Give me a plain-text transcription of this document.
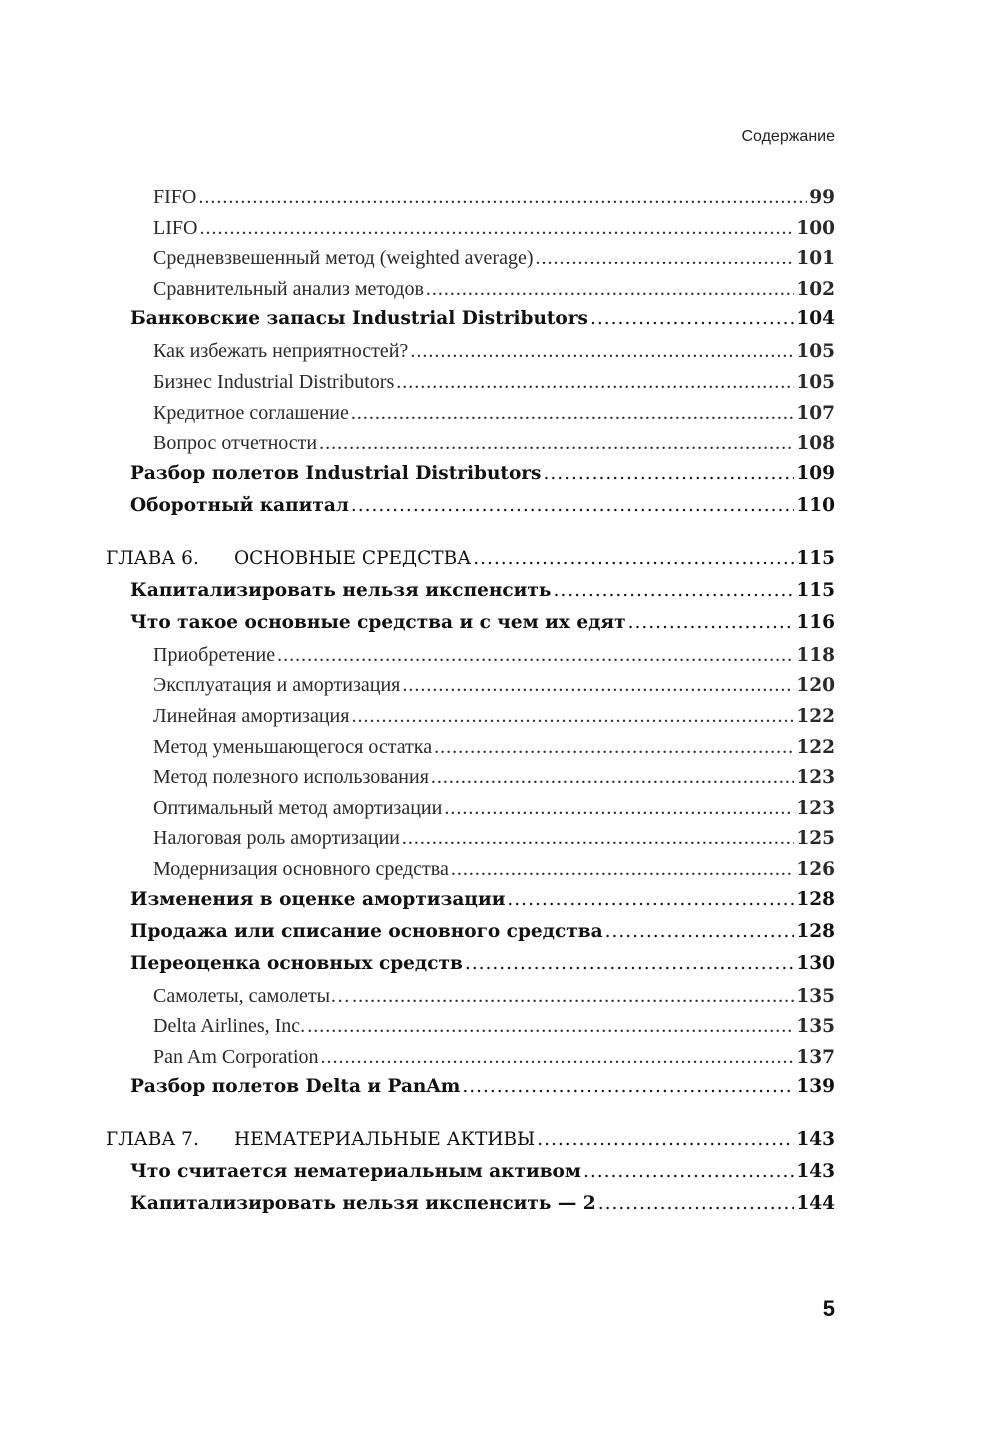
Содержание
FIFO .....	99
LIFO .....	100
Средневзвешенный метод (weighted average) .....	101
Сравнительный анализ методов .....	102
Банковские запасы Industrial Distributors .....	104
Как избежать неприятностей? .....	105
Бизнес Industrial Distributors .....	105
Кредитное соглашение .....	107
Вопрос отчетности .....	108
Разбор полетов Industrial Distributors .....	109
Оборотный капитал .....	110
ГЛАВА 6.	ОСНОВНЫЕ СРЕДСТВА .....	115
Капитализировать нельзя икспенсить .....	115
Что такое основные средства и с чем их едят .....	116
Приобретение .....	118
Эксплуатация и амортизация .....	120
Линейная амортизация .....	122
Метод уменьшающегося остатка .....	122
Метод полезного использования .....	123
Оптимальный метод амортизации .....	123
Налоговая роль амортизации .....	125
Модернизация основного средства .....	126
Изменения в оценке амортизации .....	128
Продажа или списание основного средства .....	128
Переоценка основных средств .....	130
Самолеты, самолеты… .....	135
Delta Airlines, Inc. .....	135
Pan Am Corporation .....	137
Разбор полетов Delta и PanAm .....	139
ГЛАВА 7.	НЕМАТЕРИАЛЬНЫЕ АКТИВЫ .....	143
Что считается нематериальным активом .....	143
Капитализировать нельзя икспенсить — 2 .....	144
5
